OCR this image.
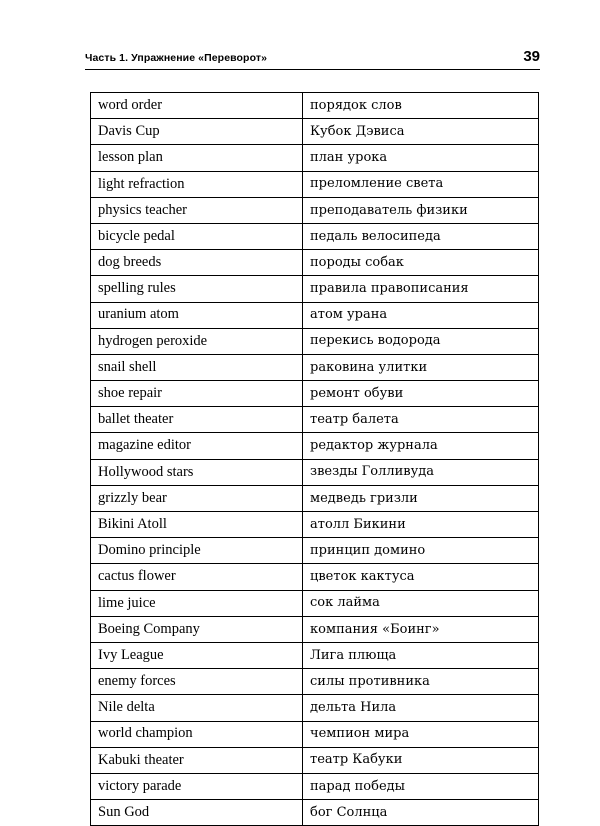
Часть 1. Упражнение «Переворот»	39
word order	порядок слов
Davis Cup	Кубок Дэвиса
lesson plan	план урока
light refraction	преломление света
physics teacher	преподаватель физики
bicycle pedal	педаль велосипеда
dog breeds	породы собак
spelling rules	правила правописания
uranium atom	атом урана
hydrogen peroxide	перекись водорода
snail shell	раковина улитки
shoe repair	ремонт обуви
ballet theater	театр балета
magazine editor	редактор журнала
Hollywood stars	звезды Голливуда
grizzly bear	медведь гризли
Bikini Atoll	атолл Бикини
Domino principle	принцип домино
cactus flower	цветок кактуса
lime juice	сок лайма
Boeing Company	компания «Боинг»
Ivy League	Лига плюща
enemy forces	силы противника
Nile delta	дельта Нила
world champion	чемпион мира
Kabuki theater	театр Кабуки
victory parade	парад победы
Sun God	бог Солнца
